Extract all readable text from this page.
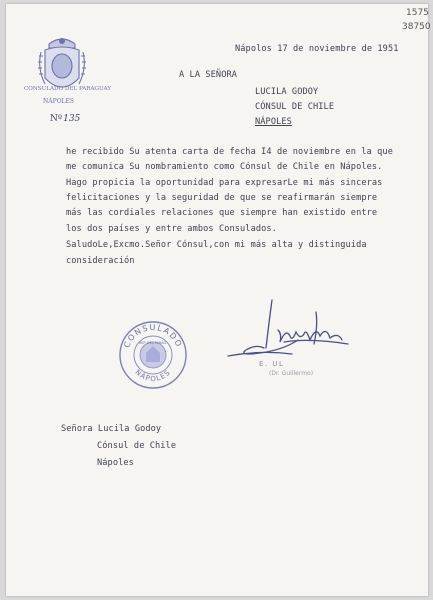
1575
38750
CONSULADO DEL PARAGUAY
NÁPOLES
Nº135
Nápolos 17 de noviembre de 1951
A LA SEÑORA
LUCILA GODOY
CÓNSUL DE CHILE
NÁPOLES
he recibido Su atenta carta de fecha I4 de noviembre en la que
me comunica Su nombramiento como Cónsul de Chile en Nápoles.
Hago propicia la oportunidad para expresarLe mi más sinceras
felicitaciones y la seguridad de que se reafirmarán siempre
más las cordiales relaciones que siempre han existido entre
los dos países y entre ambos Consulados.
SaludoLe,Excmo.Señor Cónsul,con mi más alta y distinguida
consideración
CONSULADO
NÁPOLES
REP. DEL PARAG.
E. UL
(Dr. Guillermo)
Señora Lucila Godoy
Cónsul de Chile
Nápoles
